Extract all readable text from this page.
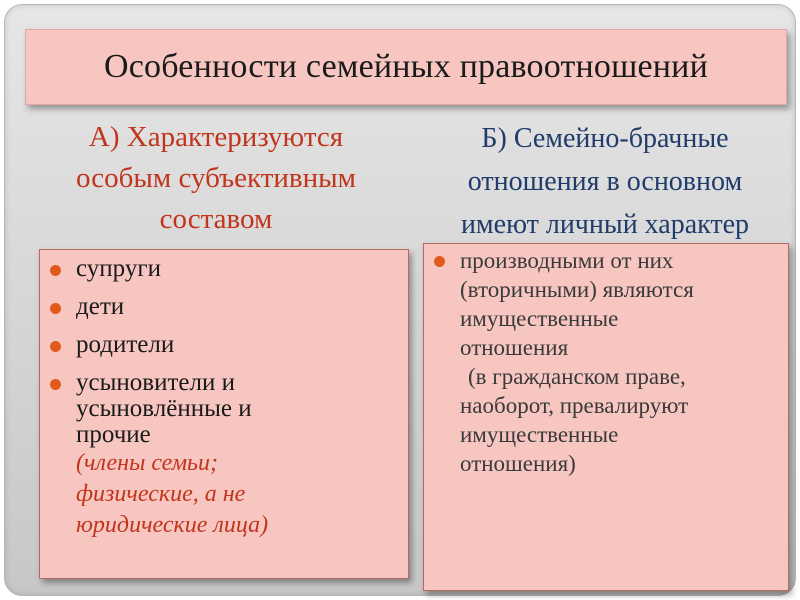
Особенности семейных правоотношений
А) Характеризуются
особым субъективным
составом
Б) Семейно-брачные
отношения в основном
имеют личный характер
супруги
дети
родители
усыновители и
усыновлённые и
прочие
(члены семьи;
физические, а не
юридические лица)
производными от них
(вторичными) являются
имущественные
отношения
(в гражданском праве,
наоборот, превалируют
имущественные
отношения)
